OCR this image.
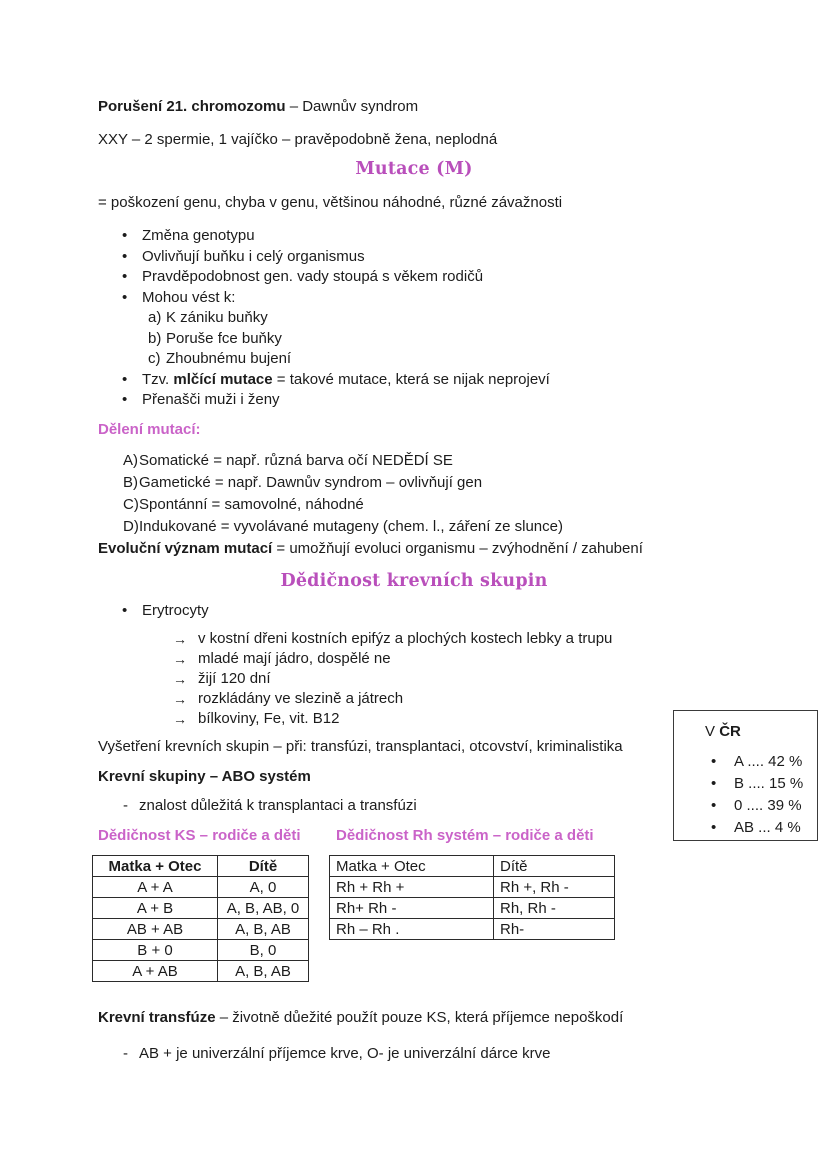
Porušení 21. chromozomu – Dawnův syndrom
XXY – 2 spermie, 1 vajíčko – pravěpodobně žena, neplodná
Mutace (M)
= poškození genu, chyba v genu, většinou náhodné, různé závažnosti
• Změna genotypu
• Ovlivňují buňku i celý organismus
• Pravděpodobnost gen. vady stoupá s věkem rodičů
• Mohou vést k:
a) K zániku buňky
b) Poruše fce buňky
c) Zhoubnému bujení
• Tzv. mlčící mutace = takové mutace, která se nijak neprojeví
• Přenašči muži i ženy
Dělení mutací:
A) Somatické = např. různá barva očí NEDĚDÍ SE
B) Gametické = např. Dawnův syndrom – ovlivňují gen
C) Spontánní = samovolné, náhodné
D) Indukované = vyvolávané mutageny (chem. l., záření ze slunce)
Evoluční význam mutací = umožňují evoluci organismu – zvýhodnění / zahubení
Dědičnost krevních skupin
• Erytrocyty
→ v kostní dřeni kostních epifýz a plochých kostech lebky a trupu
→ mladé mají jádro, dospělé ne
→ žijí 120 dní
→ rozkládány ve slezině a játrech
→ bílkoviny, Fe, vit. B12
Vyšetření krevních skupin – při: transfúzi, transplantaci, otcovství, kriminalistika
Krevní skupiny – ABO systém
- znalost důležitá k transplantaci a transfúzi
Dědičnost KS – rodiče a děti Dědičnost Rh systém – rodiče a děti
Matka + Otec	Dítě
A + A	A, 0
A + B	A, B, AB, 0
AB + AB	A, B, AB
B + 0	B, 0
A + AB	A, B, AB
Matka + Otec	Dítě
Rh + Rh +	Rh +, Rh -
Rh+ Rh -	Rh, Rh -
Rh – Rh .	Rh-
V ČR
•	A .... 42 %
•	B .... 15 %
•	0 .... 39 %
•	AB ... 4 %
Krevní transfúze – životně důežité použít pouze KS, která příjemce nepoškodí
- AB + je univerzální příjemce krve, O- je univerzální dárce krve
